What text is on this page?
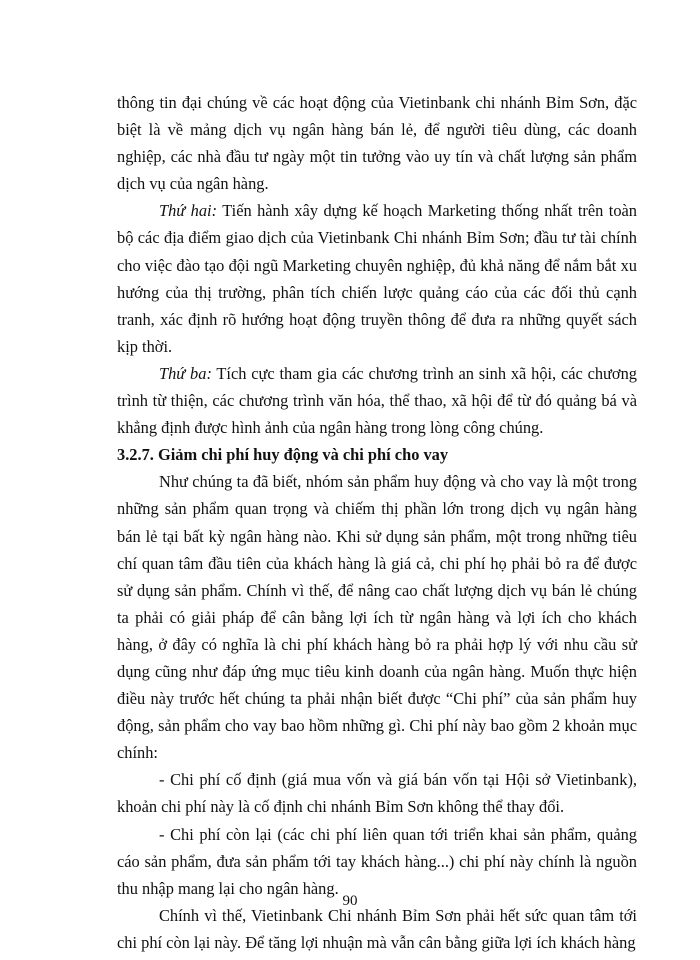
thông tin đại chúng về các hoạt động của Vietinbank chi nhánh Bỉm Sơn, đặc biệt là về mảng dịch vụ ngân hàng bán lẻ, để người tiêu dùng, các doanh nghiệp, các nhà đầu tư ngày một tin tưởng vào uy tín và chất lượng sản phẩm dịch vụ của ngân hàng.

Thứ hai: Tiến hành xây dựng kế hoạch Marketing thống nhất trên toàn bộ các địa điểm giao dịch của Vietinbank Chi nhánh Bỉm Sơn; đầu tư tài chính cho việc đào tạo đội ngũ Marketing chuyên nghiệp, đủ khả năng để nắm bắt xu hướng của thị trường, phân tích chiến lược quảng cáo của các đối thủ cạnh tranh, xác định rõ hướng hoạt động truyền thông để đưa ra những quyết sách kịp thời.

Thứ ba: Tích cực tham gia các chương trình an sinh xã hội, các chương trình từ thiện, các chương trình văn hóa, thể thao, xã hội để từ đó quảng bá và khẳng định được hình ảnh của ngân hàng trong lòng công chúng.

3.2.7. Giảm chi phí huy động và chi phí cho vay

Như chúng ta đã biết, nhóm sản phẩm huy động và cho vay là một trong những sản phẩm quan trọng và chiếm thị phần lớn trong dịch vụ ngân hàng bán lẻ tại bất kỳ ngân hàng nào. Khi sử dụng sản phẩm, một trong những tiêu chí quan tâm đầu tiên của khách hàng là giá cả, chi phí họ phải bỏ ra để được sử dụng sản phẩm. Chính vì thế, để nâng cao chất lượng dịch vụ bán lẻ chúng ta phải có giải pháp để cân bằng lợi ích từ ngân hàng và lợi ích cho khách hàng, ở đây có nghĩa là chi phí khách hàng bỏ ra phải hợp lý với nhu cầu sử dụng cũng như đáp ứng mục tiêu kinh doanh của ngân hàng. Muốn thực hiện điều này trước hết chúng ta phải nhận biết được “Chi phí” của sản phẩm huy động, sản phẩm cho vay bao hồm những gì. Chi phí này bao gồm 2 khoản mục chính:

- Chi phí cố định (giá mua vốn và giá bán vốn tại Hội sở Vietinbank), khoản chi phí này là cố định chi nhánh Bỉm Sơn không thể thay đổi.

- Chi phí còn lại (các chi phí liên quan tới triển khai sản phẩm, quảng cáo sản phẩm, đưa sản phẩm tới tay khách hàng...) chi phí này chính là nguồn thu nhập mang lại cho ngân hàng.

Chính vì thế, Vietinbank Chi nhánh Bỉm Sơn phải hết sức quan tâm tới chi phí còn lại này. Để tăng lợi nhuận mà vẫn cân bằng giữa lợi ích khách hàng

90
